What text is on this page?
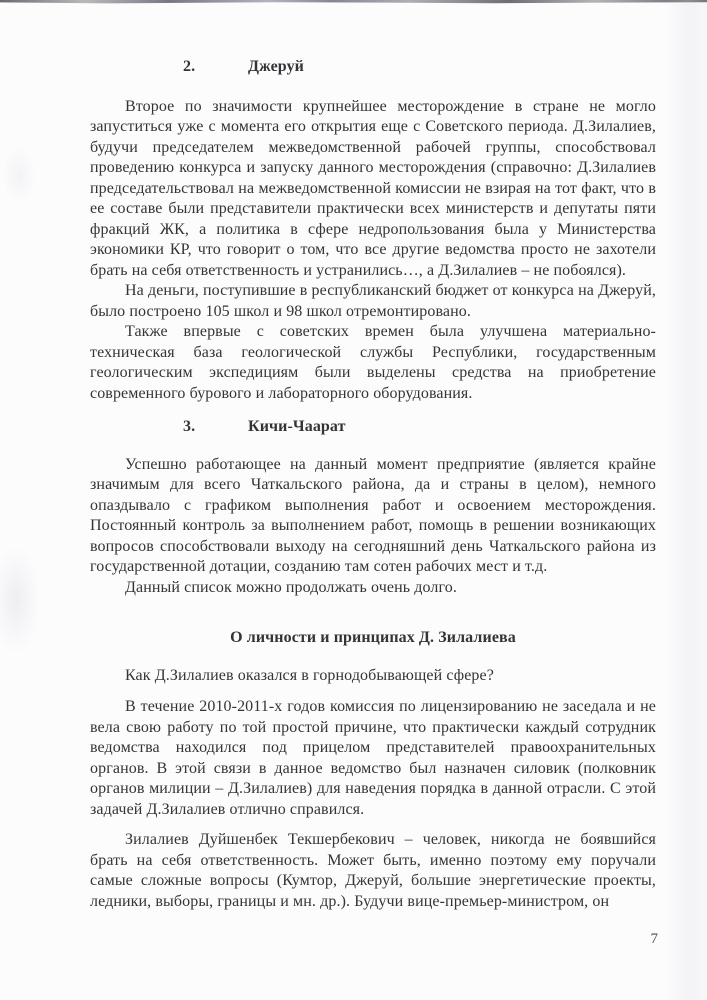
2.	Джеруй

Второе по значимости крупнейшее месторождение в стране не могло запуститься уже с момента его открытия еще с Советского периода. Д.Зилалиев, будучи председателем межведомственной рабочей группы, способствовал проведению конкурса и запуску данного месторождения (справочно: Д.Зилалиев председательствовал на межведомственной комиссии не взирая на тот факт, что в ее составе были представители практически всех министерств и депутаты пяти фракций ЖК, а политика в сфере недропользования была у Министерства экономики КР, что говорит о том, что все другие ведомства просто не захотели брать на себя ответственность и устранились…, а Д.Зилалиев – не побоялся).

На деньги, поступившие в республиканский бюджет от конкурса на Джеруй, было построено 105 школ и 98 школ отремонтировано.

Также впервые с советских времен была улучшена материально-техническая база геологической службы Республики, государственным геологическим экспедициям были выделены средства на приобретение современного бурового и лабораторного оборудования.

3.	Кичи-Чаарат

Успешно работающее на данный момент предприятие (является крайне значимым для всего Чаткальского района, да и страны в целом), немного опаздывало с графиком выполнения работ и освоением месторождения. Постоянный контроль за выполнением работ, помощь в решении возникающих вопросов способствовали выходу на сегодняшний день Чаткальского района из государственной дотации, созданию там сотен рабочих мест и т.д.

Данный список можно продолжать очень долго.

О личности и принципах Д. Зилалиева

Как Д.Зилалиев оказался в горнодобывающей сфере?

В течение 2010-2011-х годов комиссия по лицензированию не заседала и не вела свою работу по той простой причине, что практически каждый сотрудник ведомства находился под прицелом представителей правоохранительных органов. В этой связи в данное ведомство был назначен силовик (полковник органов милиции – Д.Зилалиев) для наведения порядка в данной отрасли. С этой задачей Д.Зилалиев отлично справился.

Зилалиев Дуйшенбек Текшербекович – человек, никогда не боявшийся брать на себя ответственность. Может быть, именно поэтому ему поручали самые сложные вопросы (Кумтор, Джеруй, большие энергетические проекты, ледники, выборы, границы и мн. др.). Будучи вице-премьер-министром, он

7
